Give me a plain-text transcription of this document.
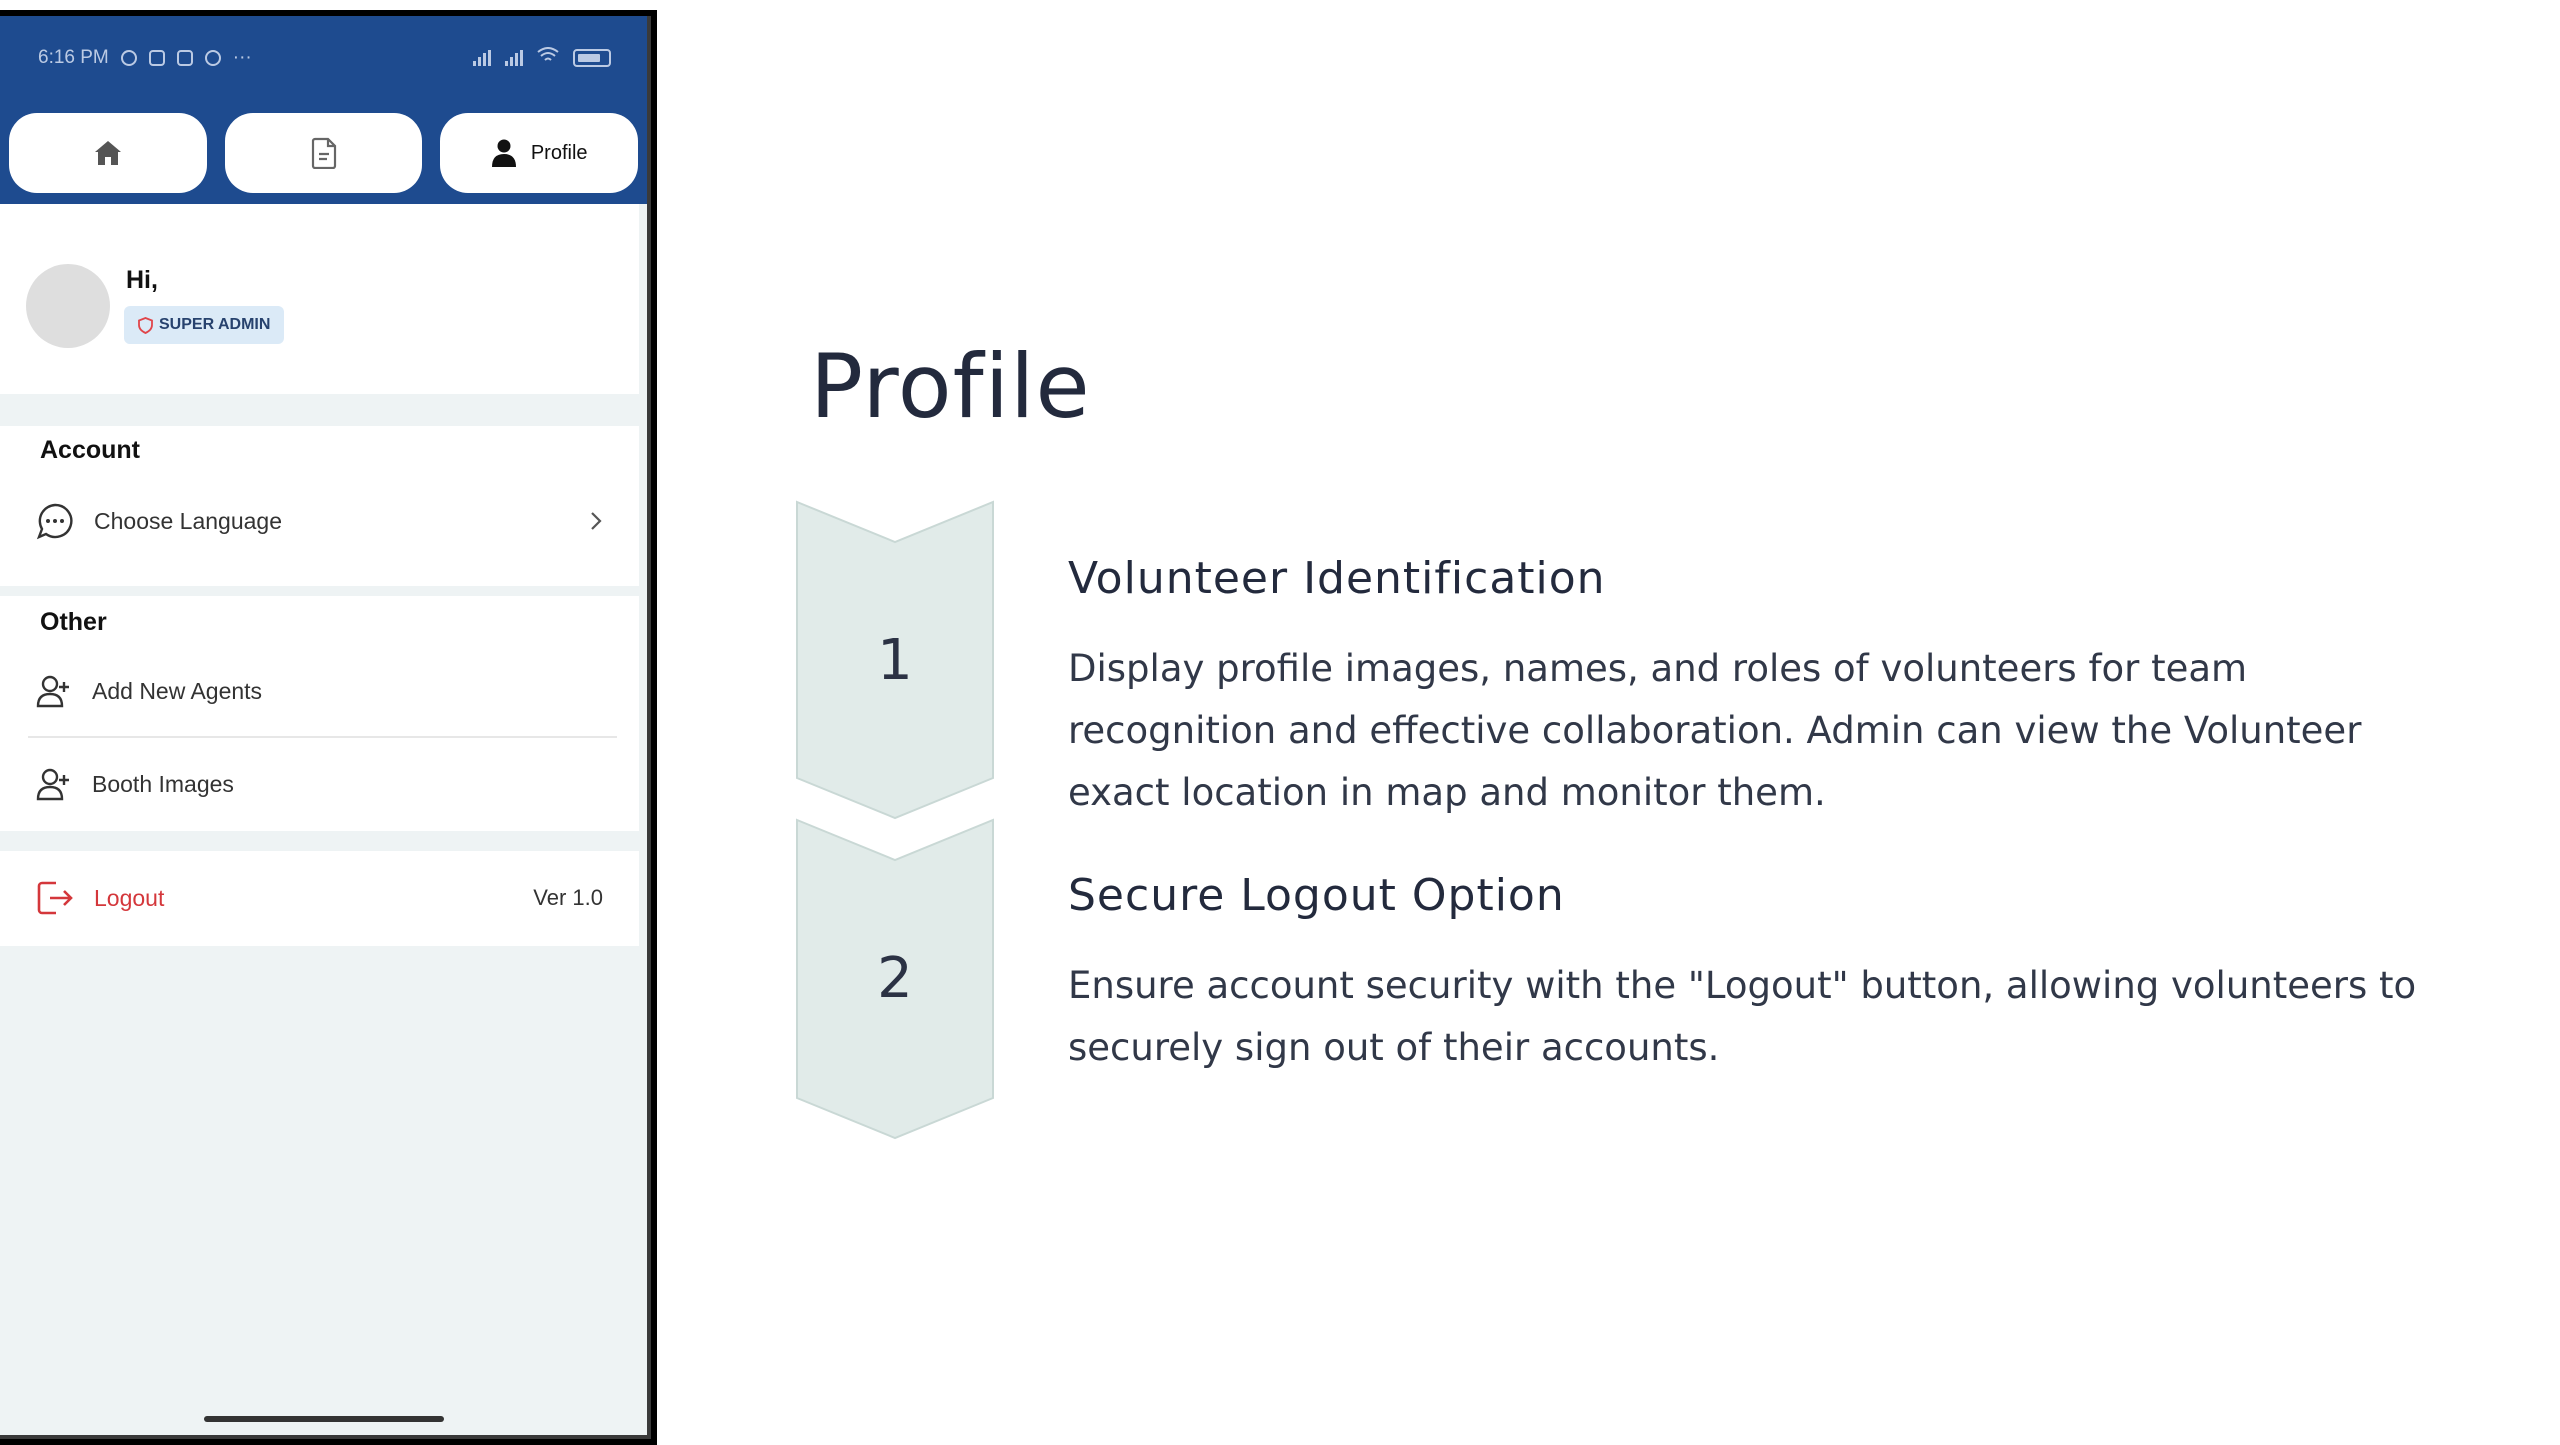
6:16 PM	···
Profile
Hi,
SUPER ADMIN
Account
Choose Language
Other
Add New Agents
Booth Images
Logout	Ver 1.0
Profile
1
2
Volunteer Identification
Display profile images, names, and roles of volunteers for team recognition and effective collaboration. Admin can view the Volunteer exact location in map and monitor them.
Secure Logout Option
Ensure account security with the "Logout" button, allowing volunteers to securely sign out of their accounts.
